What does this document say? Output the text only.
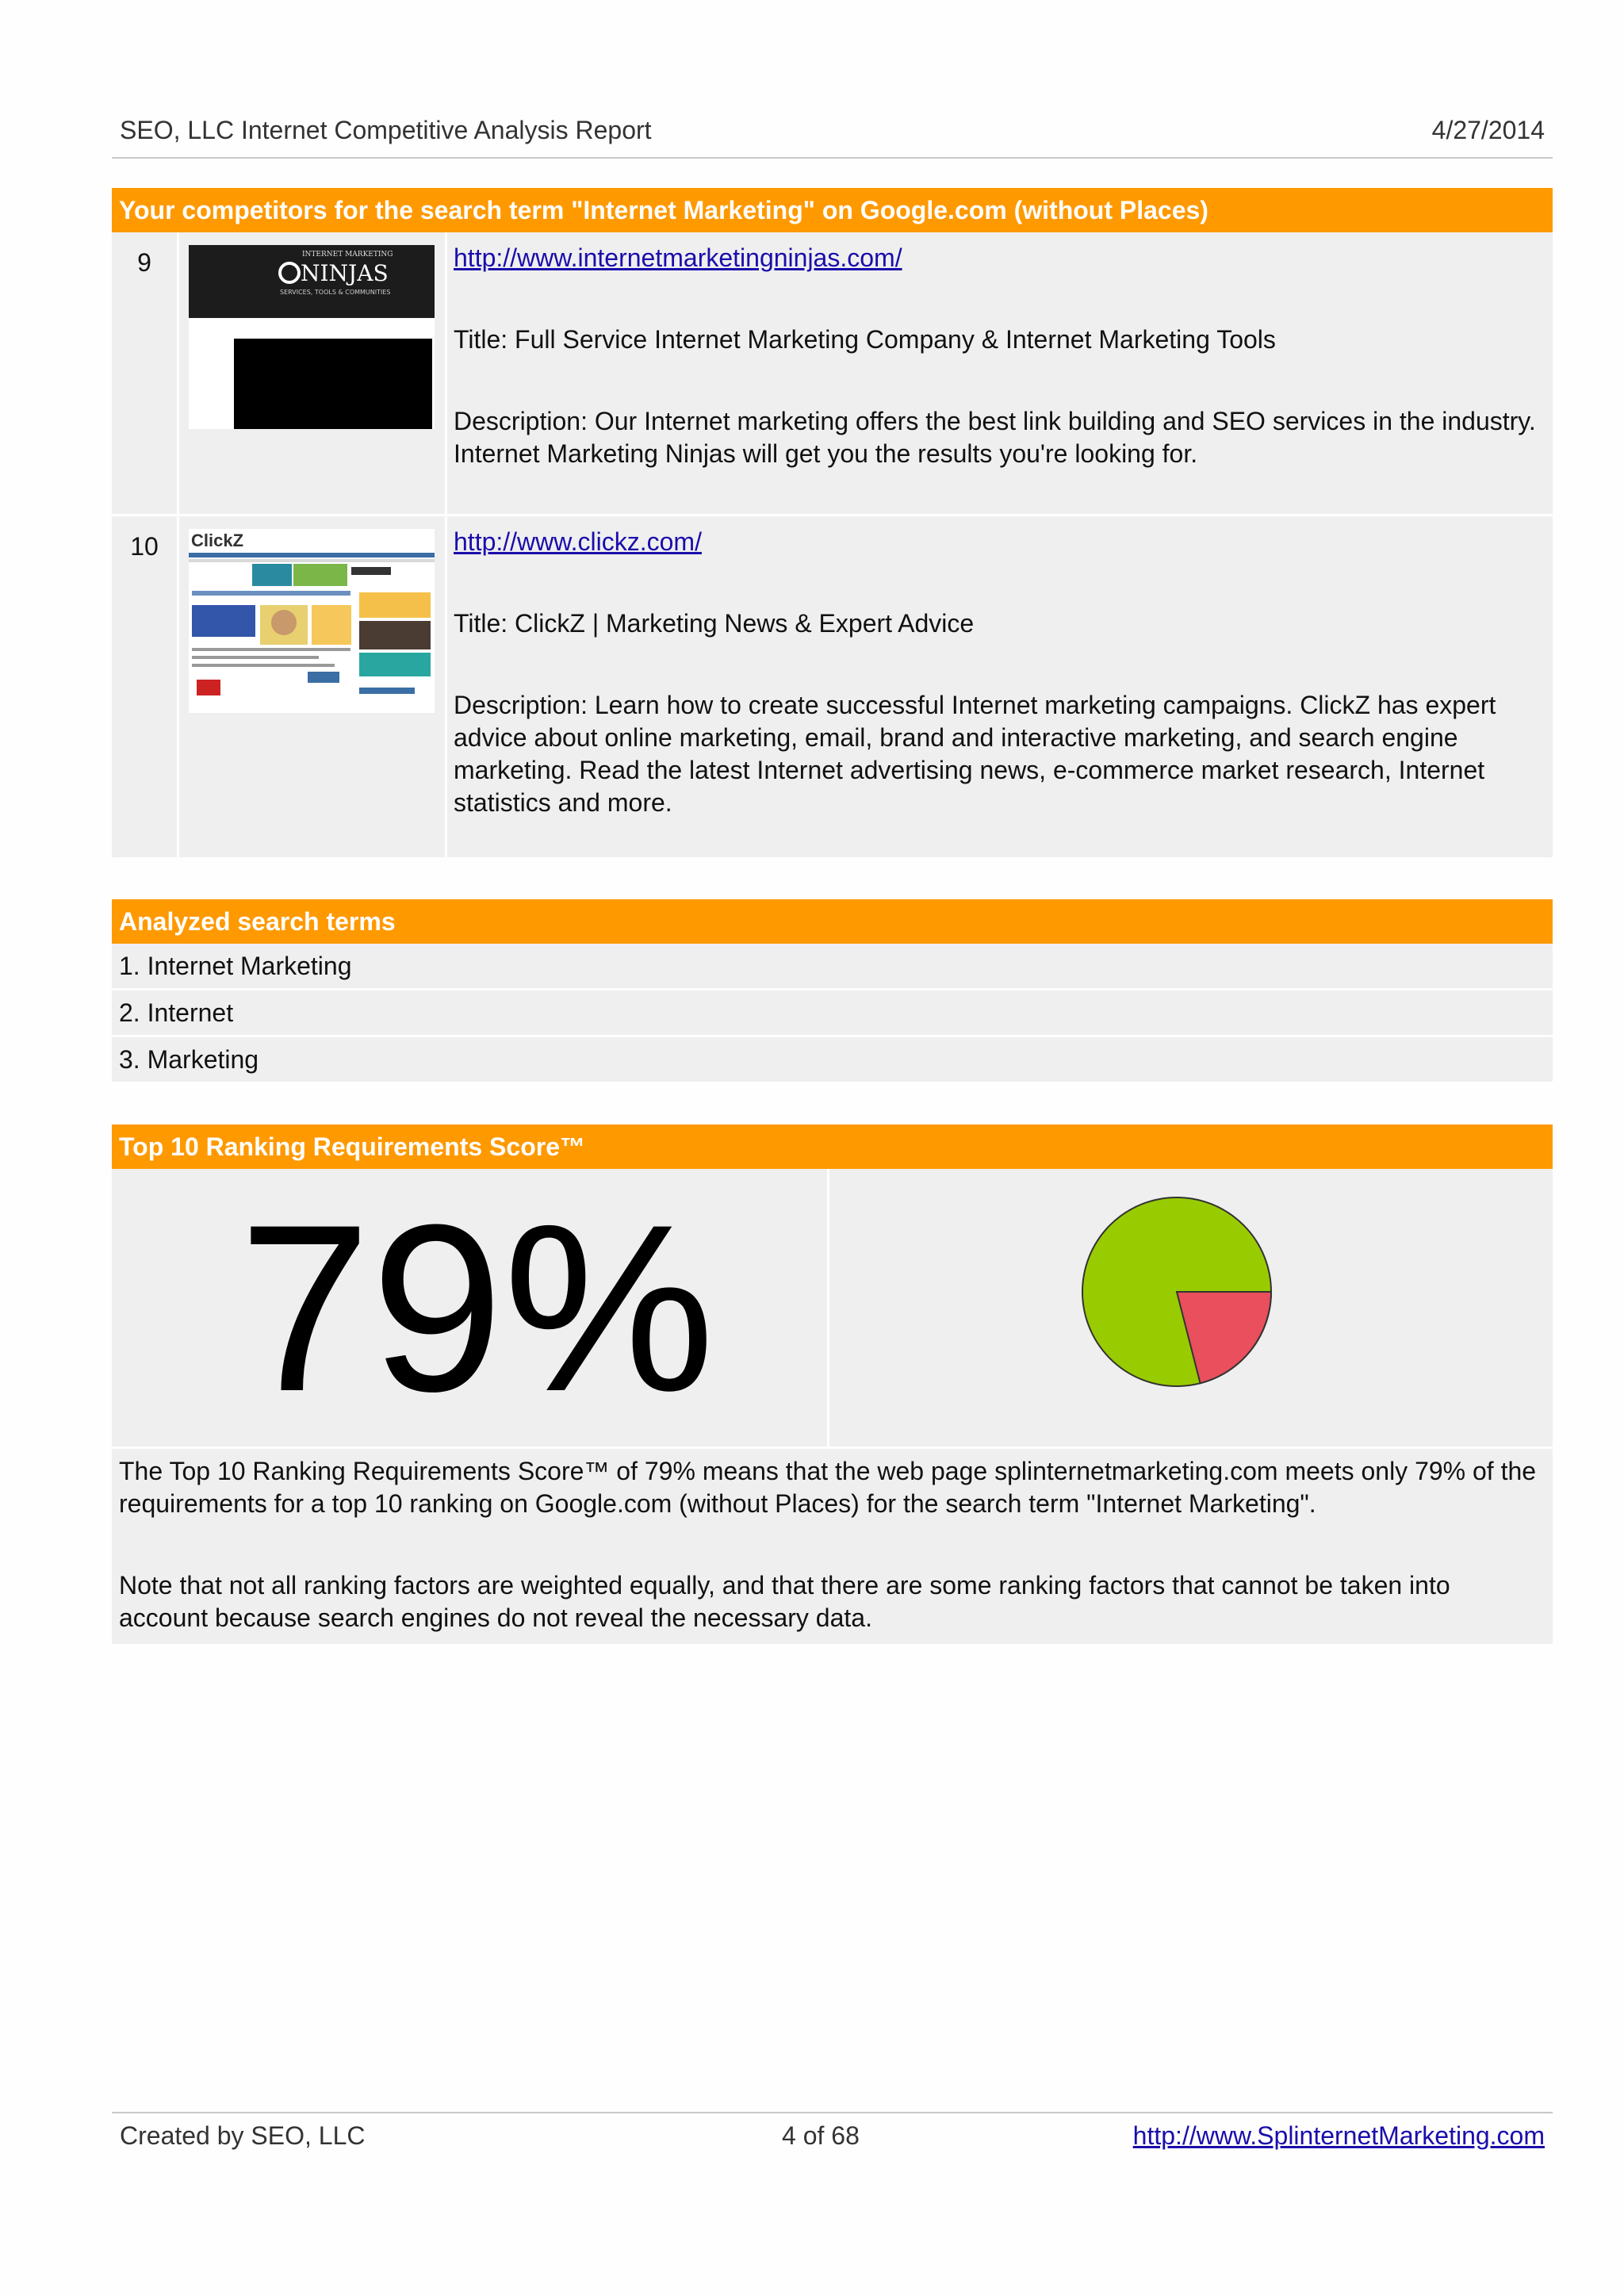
SEO, LLC Internet Competitive Analysis Report	4/27/2014
Your competitors for the search term "Internet Marketing" on Google.com (without Places)
9	INTERNET MARKETING
NINJAS
SERVICES, TOOLS & COMMUNITIES

http://www.internetmarketingninjas.com/

Title: Full Service Internet Marketing Company & Internet Marketing Tools

Description: Our Internet marketing offers the best link building and SEO services in the industry. Internet Marketing Ninjas will get you the results you're looking for.

10	ClickZ	http://www.clickz.com/

Title: ClickZ | Marketing News & Expert Advice

Description: Learn how to create successful Internet marketing campaigns. ClickZ has expert advice about online marketing, email, brand and interactive marketing, and search engine marketing. Read the latest Internet advertising news, e-commerce market research, Internet statistics and more.

Analyzed search terms
1. Internet Marketing
2. Internet
3. Marketing
Top 10 Ranking Requirements Score™
79%

The Top 10 Ranking Requirements Score™ of 79% means that the web page splinternetmarketing.com meets only 79% of the requirements for a top 10 ranking on Google.com (without Places) for the search term "Internet Marketing".

Note that not all ranking factors are weighted equally, and that there are some ranking factors that cannot be taken into account because search engines do not reveal the necessary data.

Created by SEO, LLC	4 of 68	http://www.SplinternetMarketing.com
